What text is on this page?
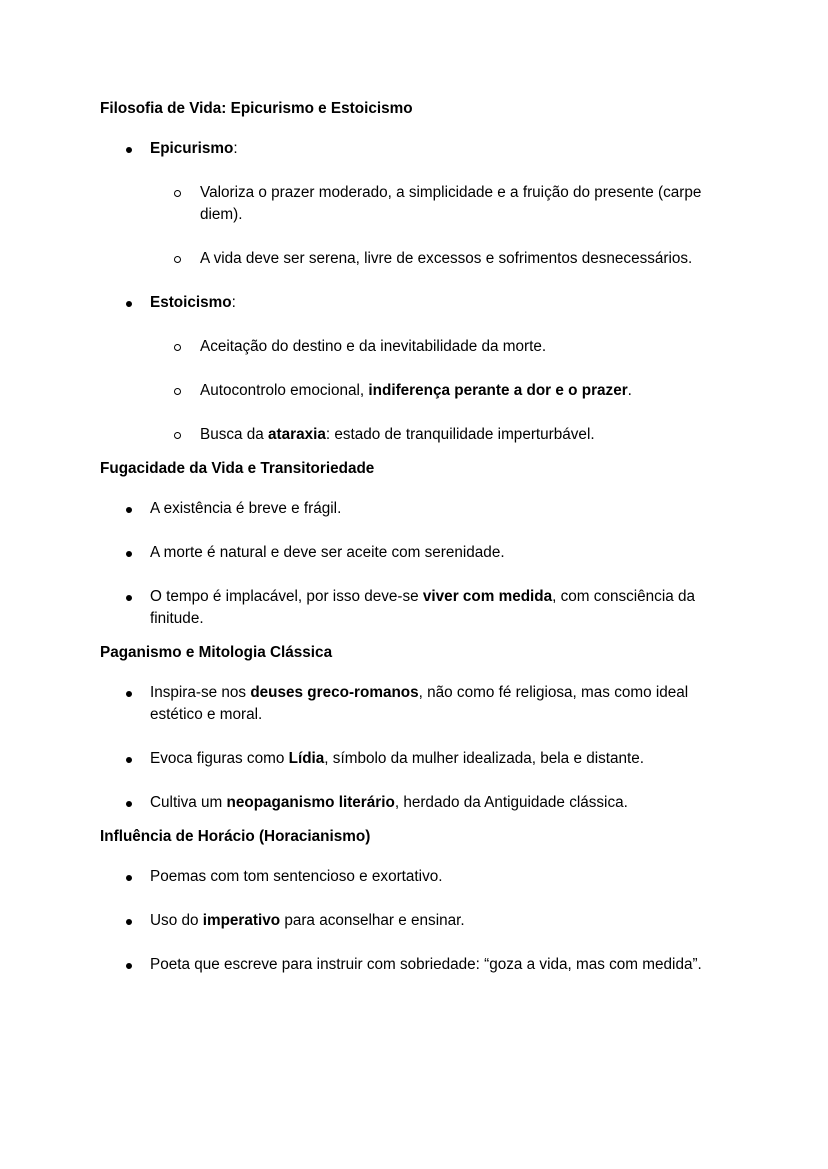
Filosofia de Vida: Epicurismo e Estoicismo

Epicurismo:
Valoriza o prazer moderado, a simplicidade e a fruição do presente (carpe diem).
A vida deve ser serena, livre de excessos e sofrimentos desnecessários.
Estoicismo:
Aceitação do destino e da inevitabilidade da morte.
Autocontrolo emocional, indiferença perante a dor e o prazer.
Busca da ataraxia: estado de tranquilidade imperturbável.

Fugacidade da Vida e Transitoriedade

A existência é breve e frágil.
A morte é natural e deve ser aceite com serenidade.
O tempo é implacável, por isso deve-se viver com medida, com consciência da finitude.

Paganismo e Mitologia Clássica

Inspira-se nos deuses greco-romanos, não como fé religiosa, mas como ideal estético e moral.
Evoca figuras como Lídia, símbolo da mulher idealizada, bela e distante.
Cultiva um neopaganismo literário, herdado da Antiguidade clássica.

Influência de Horácio (Horacianismo)

Poemas com tom sentencioso e exortativo.
Uso do imperativo para aconselhar e ensinar.
Poeta que escreve para instruir com sobriedade: “goza a vida, mas com medida”.
